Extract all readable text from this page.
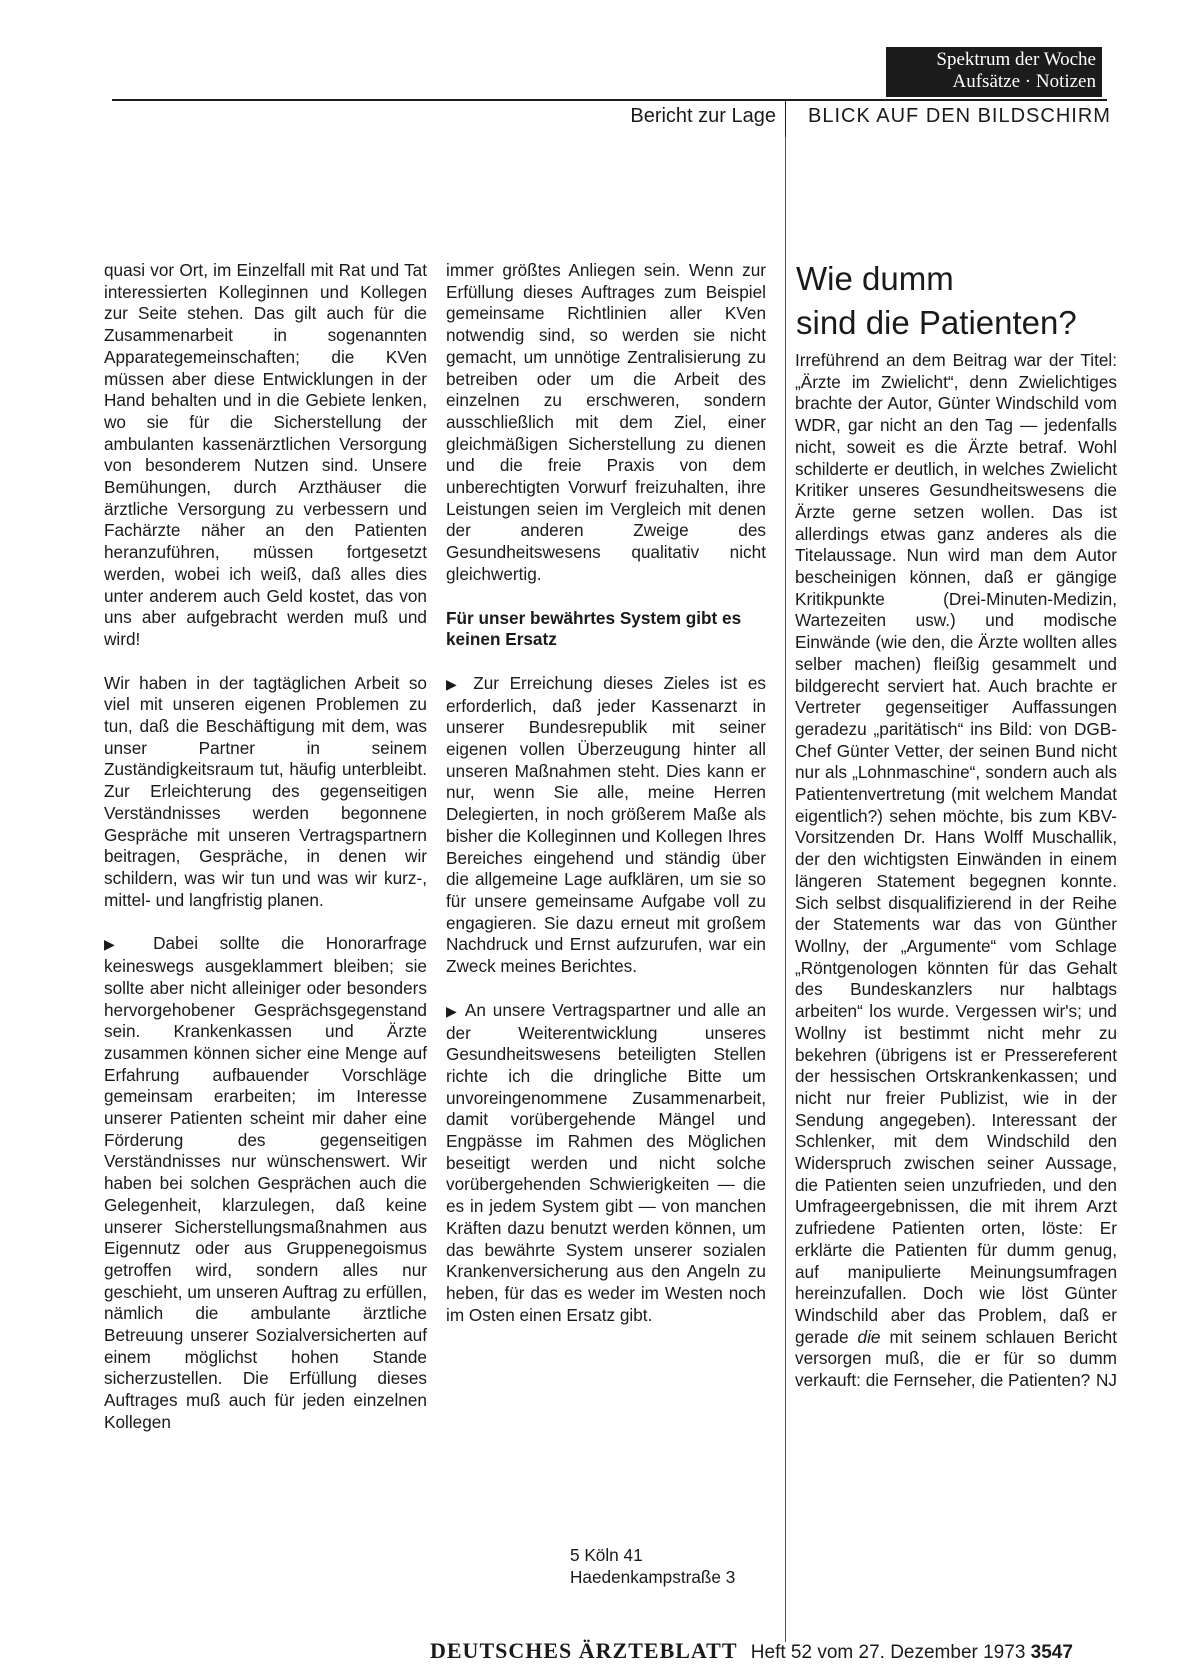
Spektrum der Woche
Aufsätze · Notizen
Bericht zur Lage BLICK AUF DEN BILDSCHIRM

quasi vor Ort, im Einzelfall mit Rat und Tat interessierten Kolleginnen und Kollegen zur Seite stehen. Das gilt auch für die Zusammenarbeit in sogenannten Apparategemeinschaften; die KVen müssen aber diese Entwicklungen in der Hand behalten und in die Gebiete lenken, wo sie für die Sicherstellung der ambulanten kassenärztlichen Versorgung von besonderem Nutzen sind. Unsere Bemühungen, durch Arzthäuser die ärztliche Versorgung zu verbessern und Fachärzte näher an den Patienten heranzuführen, müssen fortgesetzt werden, wobei ich weiß, daß alles dies unter anderem auch Geld kostet, das von uns aber aufgebracht werden muß und wird!

Wir haben in der tagtäglichen Arbeit so viel mit unseren eigenen Problemen zu tun, daß die Beschäftigung mit dem, was unser Partner in seinem Zuständigkeitsraum tut, häufig unterbleibt. Zur Erleichterung des gegenseitigen Verständnisses werden begonnene Gespräche mit unseren Vertragspartnern beitragen, Gespräche, in denen wir schildern, was wir tun und was wir kurz-, mittel- und langfristig planen.

▶ Dabei sollte die Honorarfrage keineswegs ausgeklammert bleiben; sie sollte aber nicht alleiniger oder besonders hervorgehobener Gesprächsgegenstand sein. Krankenkassen und Ärzte zusammen können sicher eine Menge auf Erfahrung aufbauender Vorschläge gemeinsam erarbeiten; im Interesse unserer Patienten scheint mir daher eine Förderung des gegenseitigen Verständnisses nur wünschenswert. Wir haben bei solchen Gesprächen auch die Gelegenheit, klarzulegen, daß keine unserer Sicherstellungsmaßnahmen aus Eigennutz oder aus Gruppenegoismus getroffen wird, sondern alles nur geschieht, um unseren Auftrag zu erfüllen, nämlich die ambulante ärztliche Betreuung unserer Sozialversicherten auf einem möglichst hohen Stande sicherzustellen. Die Erfüllung dieses Auftrages muß auch für jeden einzelnen Kollegen

immer größtes Anliegen sein. Wenn zur Erfüllung dieses Auftrages zum Beispiel gemeinsame Richtlinien aller KVen notwendig sind, so werden sie nicht gemacht, um unnötige Zentralisierung zu betreiben oder um die Arbeit des einzelnen zu erschweren, sondern ausschließlich mit dem Ziel, einer gleichmäßigen Sicherstellung zu dienen und die freie Praxis von dem unberechtigten Vorwurf freizuhalten, ihre Leistungen seien im Vergleich mit denen der anderen Zweige des Gesundheitswesens qualitativ nicht gleichwertig.

Für unser bewährtes System gibt es keinen Ersatz

▶ Zur Erreichung dieses Zieles ist es erforderlich, daß jeder Kassenarzt in unserer Bundesrepublik mit seiner eigenen vollen Überzeugung hinter all unseren Maßnahmen steht. Dies kann er nur, wenn Sie alle, meine Herren Delegierten, in noch größerem Maße als bisher die Kolleginnen und Kollegen Ihres Bereiches eingehend und ständig über die allgemeine Lage aufklären, um sie so für unsere gemeinsame Aufgabe voll zu engagieren. Sie dazu erneut mit großem Nachdruck und Ernst aufzurufen, war ein Zweck meines Berichtes.

▶ An unsere Vertragspartner und alle an der Weiterentwicklung unseres Gesundheitswesens beteiligten Stellen richte ich die dringliche Bitte um unvoreingenommene Zusammenarbeit, damit vorübergehende Mängel und Engpässe im Rahmen des Möglichen beseitigt werden und nicht solche vorübergehenden Schwierigkeiten — die es in jedem System gibt — von manchen Kräften dazu benutzt werden können, um das bewährte System unserer sozialen Krankenversicherung aus den Angeln zu heben, für das es weder im Westen noch im Osten einen Ersatz gibt.

5 Köln 41
Haedenkampstraße 3
Wie dumm
sind die Patienten?

Irreführend an dem Beitrag war der Titel: „Ärzte im Zwielicht“, denn Zwielichtiges brachte der Autor, Günter Windschild vom WDR, gar nicht an den Tag — jedenfalls nicht, soweit es die Ärzte betraf. Wohl schilderte er deutlich, in welches Zwielicht Kritiker unseres Gesundheitswesens die Ärzte gerne setzen wollen. Das ist allerdings etwas ganz anderes als die Titelaussage. Nun wird man dem Autor bescheinigen können, daß er gängige Kritikpunkte (Drei-Minuten-Medizin, Wartezeiten usw.) und modische Einwände (wie den, die Ärzte wollten alles selber machen) fleißig gesammelt und bildgerecht serviert hat. Auch brachte er Vertreter gegenseitiger Auffassungen geradezu „paritätisch“ ins Bild: von DGB-Chef Günter Vetter, der seinen Bund nicht nur als „Lohnmaschine“, sondern auch als Patientenvertretung (mit welchem Mandat eigentlich?) sehen möchte, bis zum KBV-Vorsitzenden Dr. Hans Wolff Muschallik, der den wichtigsten Einwänden in einem längeren Statement begegnen konnte. Sich selbst disqualifizierend in der Reihe der Statements war das von Günther Wollny, der „Argumente“ vom Schlage „Röntgenologen könnten für das Gehalt des Bundeskanzlers nur halbtags arbeiten“ los wurde. Vergessen wir's; und Wollny ist bestimmt nicht mehr zu bekehren (übrigens ist er Pressereferent der hessischen Ortskrankenkassen; und nicht nur freier Publizist, wie in der Sendung angegeben). Interessant der Schlenker, mit dem Windschild den Widerspruch zwischen seiner Aussage, die Patienten seien unzufrieden, und den Umfrageergebnissen, die mit ihrem Arzt zufriedene Patienten orten, löste: Er erklärte die Patienten für dumm genug, auf manipulierte Meinungsumfragen hereinzufallen. Doch wie löst Günter Windschild aber das Problem, daß er gerade die mit seinem schlauen Bericht versorgen muß, die er für so dumm verkauft: die Fernseher, die Patienten? NJ

DEUTSCHES ÄRZTEBLATT Heft 52 vom 27. Dezember 1973 3547
